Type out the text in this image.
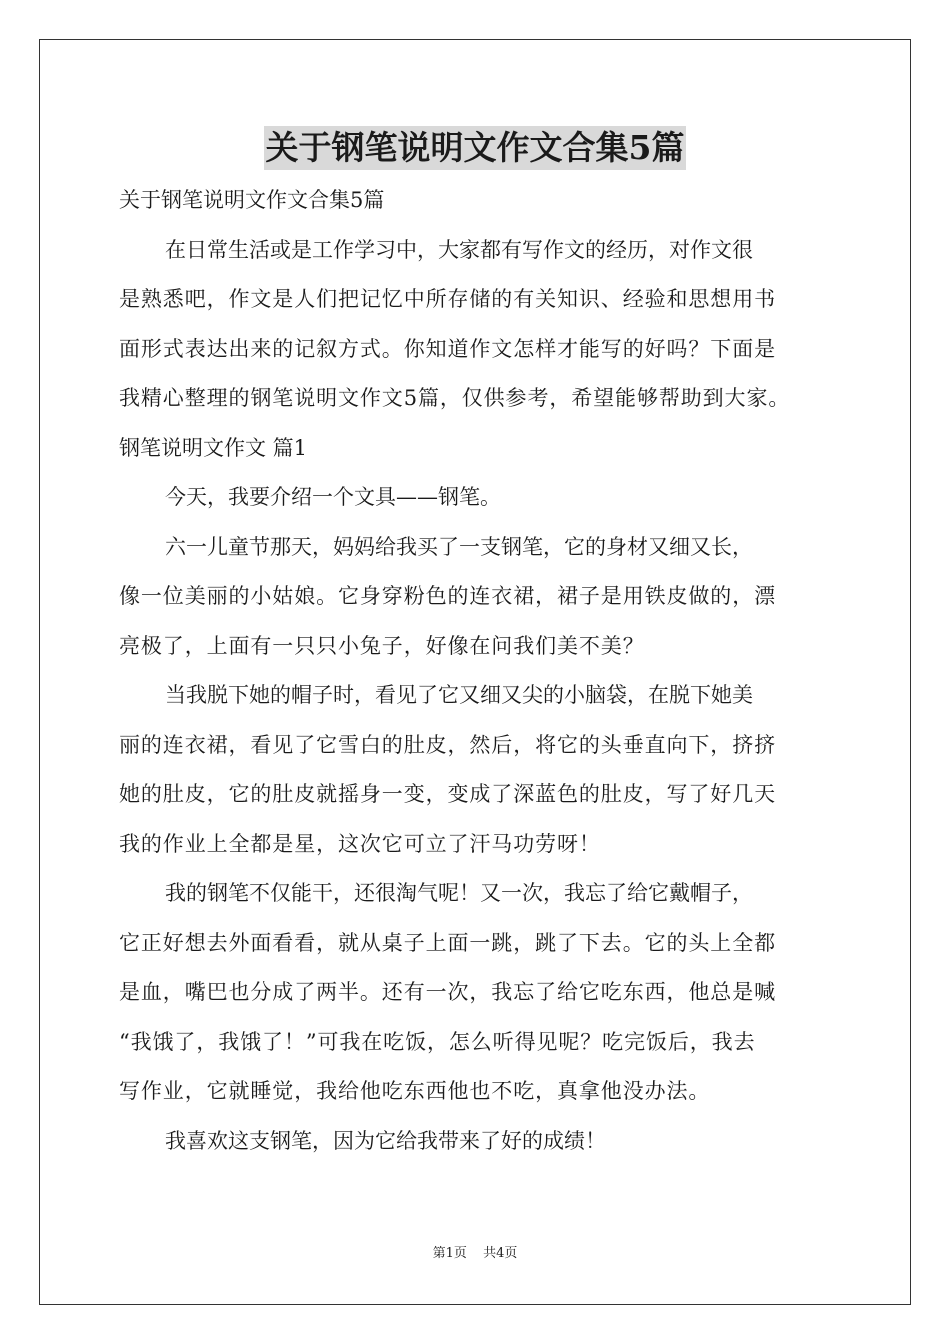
关于钢笔说明文作文合集5篇

关于钢笔说明文作文合集5篇

在日常生活或是工作学习中，大家都有写作文的经历，对作文很

是熟悉吧，作文是人们把记忆中所存储的有关知识、经验和思想用书

面形式表达出来的记叙方式。你知道作文怎样才能写的好吗？下面是

我精心整理的钢笔说明文作文5篇，仅供参考，希望能够帮助到大家。

钢笔说明文作文 篇1

今天，我要介绍一个文具——钢笔。

六一儿童节那天，妈妈给我买了一支钢笔，它的身材又细又长，

像一位美丽的小姑娘。它身穿粉色的连衣裙，裙子是用铁皮做的，漂

亮极了，上面有一只只小兔子，好像在问我们美不美？

当我脱下她的帽子时，看见了它又细又尖的小脑袋，在脱下她美

丽的连衣裙，看见了它雪白的肚皮，然后，将它的头垂直向下，挤挤

她的肚皮，它的肚皮就摇身一变，变成了深蓝色的肚皮，写了好几天

我的作业上全都是星，这次它可立了汗马功劳呀！

我的钢笔不仅能干，还很淘气呢！又一次，我忘了给它戴帽子，

它正好想去外面看看，就从桌子上面一跳，跳了下去。它的头上全都

是血，嘴巴也分成了两半。还有一次，我忘了给它吃东西，他总是喊

“我饿了，我饿了！”可我在吃饭，怎么听得见呢？吃完饭后，我去

写作业，它就睡觉，我给他吃东西他也不吃，真拿他没办法。

我喜欢这支钢笔，因为它给我带来了好的成绩！

第1页 共4页
